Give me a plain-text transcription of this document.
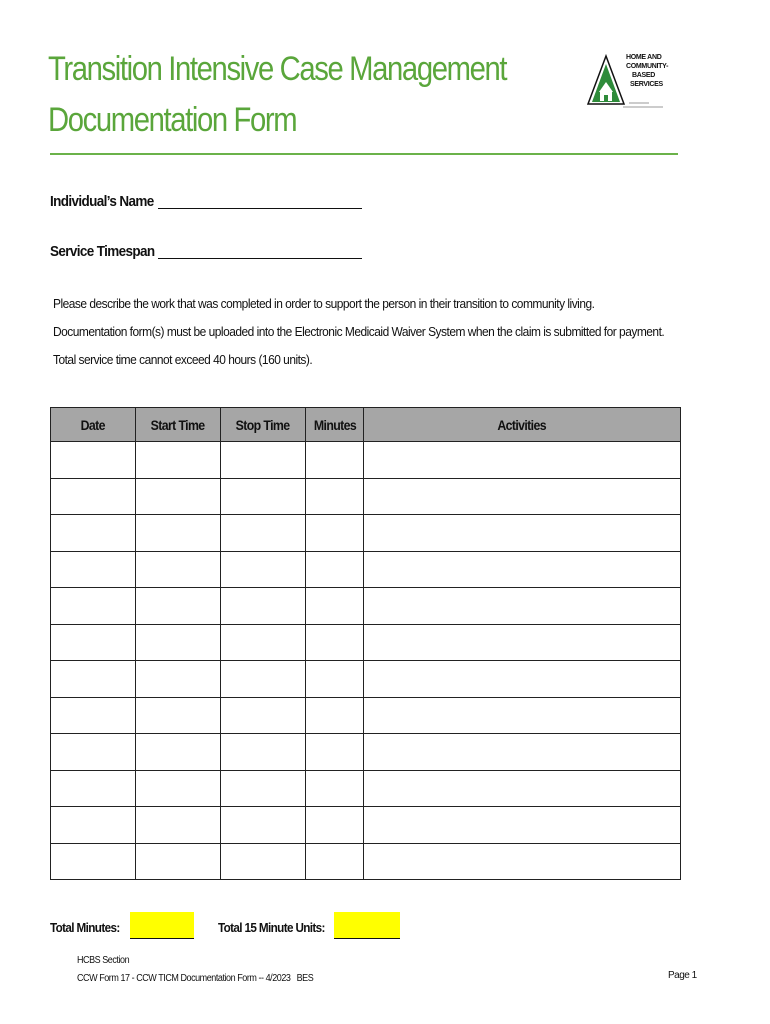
Transition Intensive Case Management
Documentation Form
HOME AND
COMMUNITY-
BASED
SERVICES
Individual’s Name
Service Timespan
Please describe the work that was completed in order to support the person in their transition to community living.
Documentation form(s) must be uploaded into the Electronic Medicaid Waiver System when the claim is submitted for payment.
Total service time cannot exceed 40 hours (160 units).
Date	Start Time	Stop Time	Minutes	Activities

Total Minutes:	Total 15 Minute Units:
HCBS Section
CCW Form 17 - CCW TICM Documentation Form -- 4/2023   BES	Page 1
